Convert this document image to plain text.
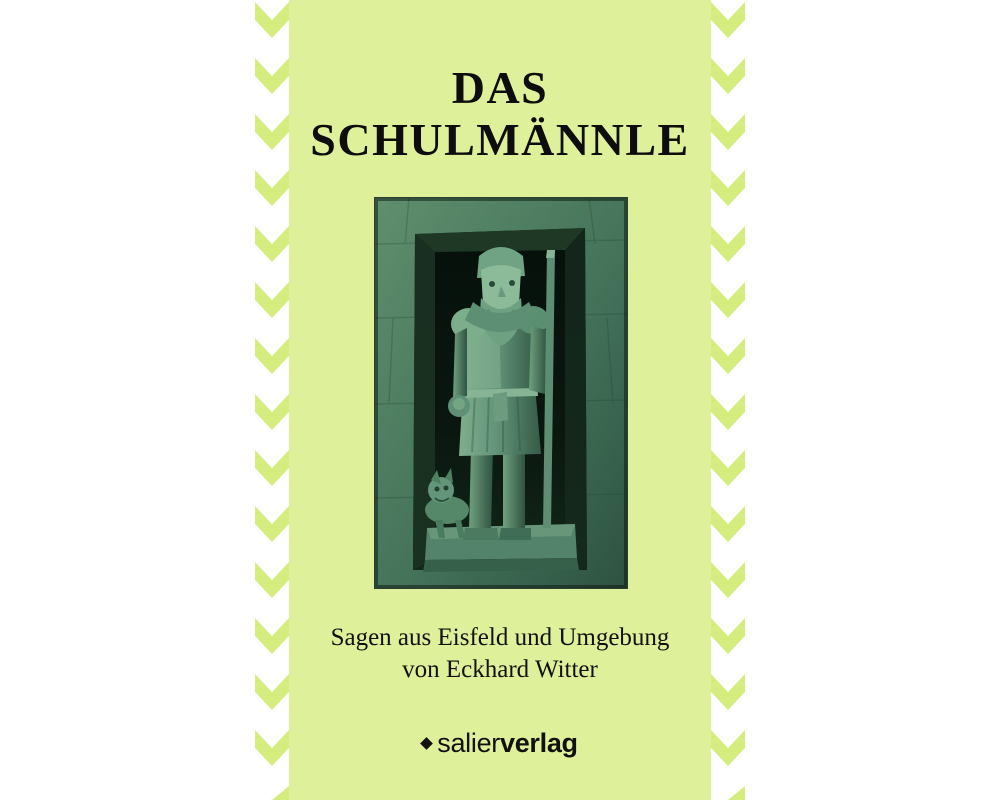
DAS
SCHULMÄNNLE
Sagen aus Eisfeld und Umgebung
von Eckhard Witter
salierverlag
